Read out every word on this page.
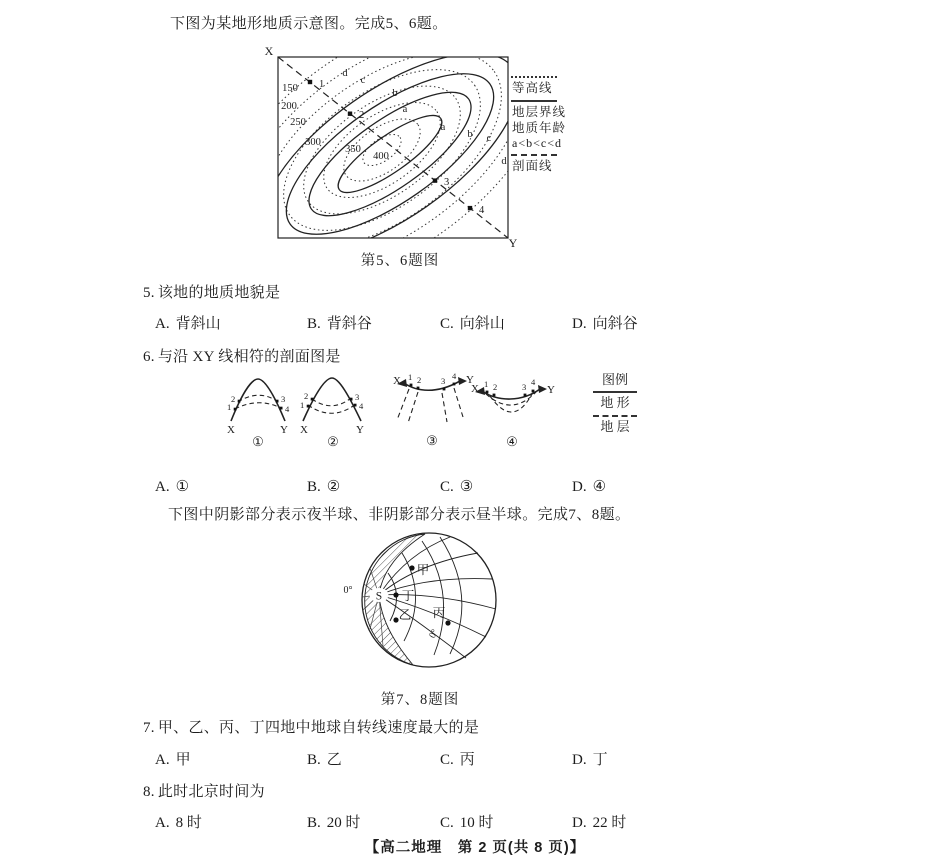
下图为某地形地质示意图。完成5、6题。
X
Y
150
200
250
300
350
400
d
c
b
a
a
b c
d
1
2
3
4
等高线
地层界线
地质年龄
a<b<c<d
剖面线
第5、6题图
5. 该地的地质地貌是
A. 背斜山	B. 背斜谷	C. 向斜山	D. 向斜谷
6. 与沿 XY 线相符的剖面图是
2
1
3
4
X	Y
①
2
1
3
4
X	Y
②
1 2 3 4
X	Y
③
1 2	3 4
X	Y
④
图例
地 形
地 层
A. ①	B. ②	C. ③	D. ④
下图中阴影部分表示夜半球、非阴影部分表示昼半球。完成7、8题。
S
甲
丁
乙 丙
0°
0°
第7、8题图
7. 甲、乙、丙、丁四地中地球自转线速度最大的是
A. 甲	B. 乙	C. 丙	D. 丁
8. 此时北京时间为
A. 8 时	B. 20 时	C. 10 时	D. 22 时
【高二地理　第 2 页(共 8 页)】
